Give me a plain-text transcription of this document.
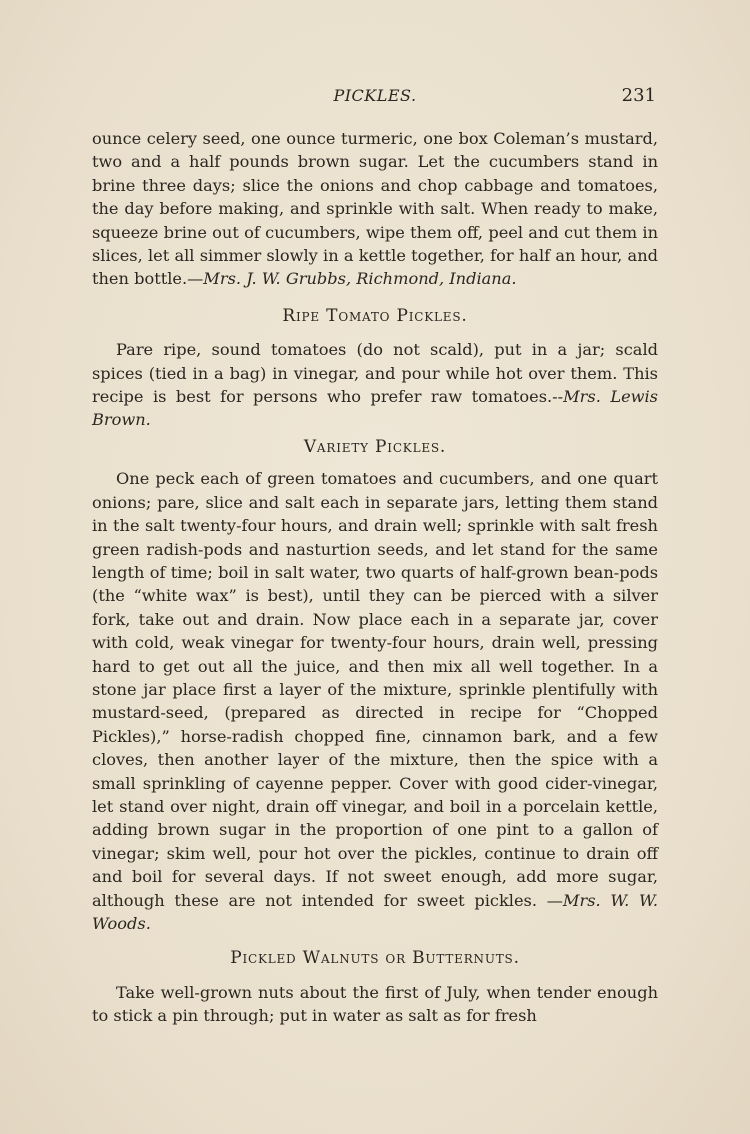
PICKLES.	231

ounce celery seed, one ounce turmeric, one box Coleman’s mustard, two and a half pounds brown sugar. Let the cucumbers stand in brine three days; slice the onions and chop cabbage and tomatoes, the day before making, and sprinkle with salt. When ready to make, squeeze brine out of cucumbers, wipe them off, peel and cut them in slices, let all simmer slowly in a kettle together, for half an hour, and then bottle.—Mrs. J. W. Grubbs, Richmond, Indiana.

Ripe Tomato Pickles.

Pare ripe, sound tomatoes (do not scald), put in a jar; scald spices (tied in a bag) in vinegar, and pour while hot over them. This recipe is best for persons who prefer raw tomatoes.--Mrs. Lewis Brown.

Variety Pickles.

One peck each of green tomatoes and cucumbers, and one quart onions; pare, slice and salt each in separate jars, letting them stand in the salt twenty-four hours, and drain well; sprinkle with salt fresh green radish-pods and nasturtion seeds, and let stand for the same length of time; boil in salt water, two quarts of half-grown bean-pods (the “white wax” is best), until they can be pierced with a silver fork, take out and drain. Now place each in a separate jar, cover with cold, weak vinegar for twenty-four hours, drain well, pressing hard to get out all the juice, and then mix all well together. In a stone jar place first a layer of the mixture, sprinkle plentifully with mustard-seed, (prepared as directed in recipe for “Chopped Pickles),” horse-radish chopped fine, cinnamon bark, and a few cloves, then another layer of the mixture, then the spice with a small sprinkling of cayenne pepper. Cover with good cider-vinegar, let stand over night, drain off vinegar, and boil in a porcelain kettle, adding brown sugar in the proportion of one pint to a gallon of vinegar; skim well, pour hot over the pickles, continue to drain off and boil for several days. If not sweet enough, add more sugar, although these are not intended for sweet pickles. —Mrs. W. W. Woods.

Pickled Walnuts or Butternuts.

Take well-grown nuts about the first of July, when tender enough to stick a pin through; put in water as salt as for fresh
